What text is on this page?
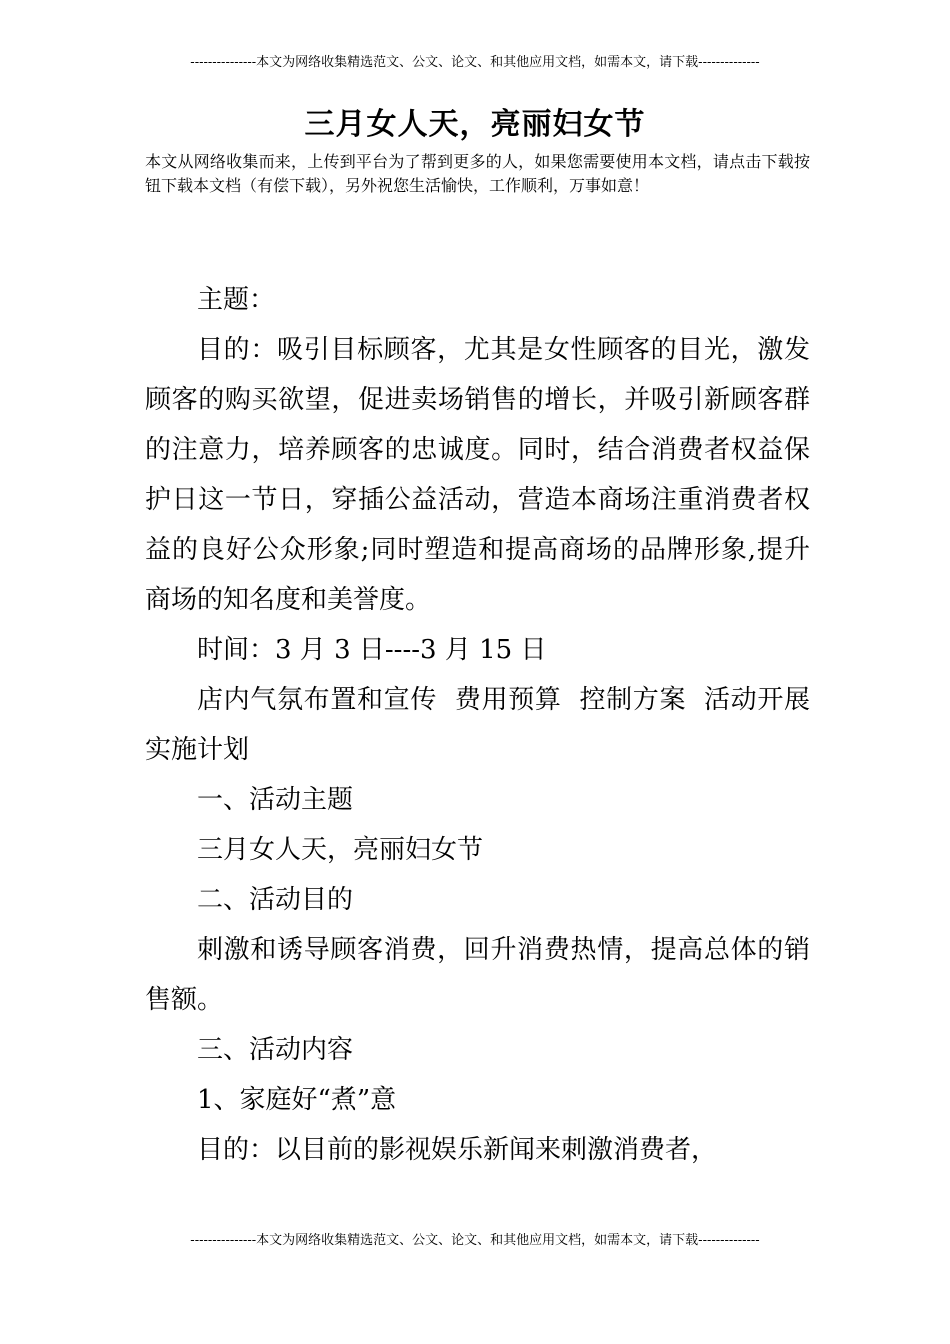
---------------本文为网络收集精选范文、公文、论文、和其他应用文档，如需本文，请下载--------------
三月女人天，亮丽妇女节
本文从网络收集而来，上传到平台为了帮到更多的人，如果您需要使用本文档，请点击下载按钮下载本文档（有偿下载），另外祝您生活愉快，工作顺利，万事如意！

主题：

目的：吸引目标顾客，尤其是女性顾客的目光，激发顾客的购买欲望，促进卖场销售的增长，并吸引新顾客群的注意力，培养顾客的忠诚度。同时，结合消费者权益保护日这一节日，穿插公益活动，营造本商场注重消费者权益的良好公众形象;同时塑造和提高商场的品牌形象,提升商场的知名度和美誉度。

时间：3 月 3 日----3 月 15 日

店内气氛布置和宣传  费用预算  控制方案  活动开展实施计划

一、活动主题

三月女人天，亮丽妇女节

二、活动目的

刺激和诱导顾客消费，回升消费热情，提高总体的销售额。

三、活动内容

1、家庭好“煮”意

目的：以目前的影视娱乐新闻来刺激消费者，

---------------本文为网络收集精选范文、公文、论文、和其他应用文档，如需本文，请下载--------------
